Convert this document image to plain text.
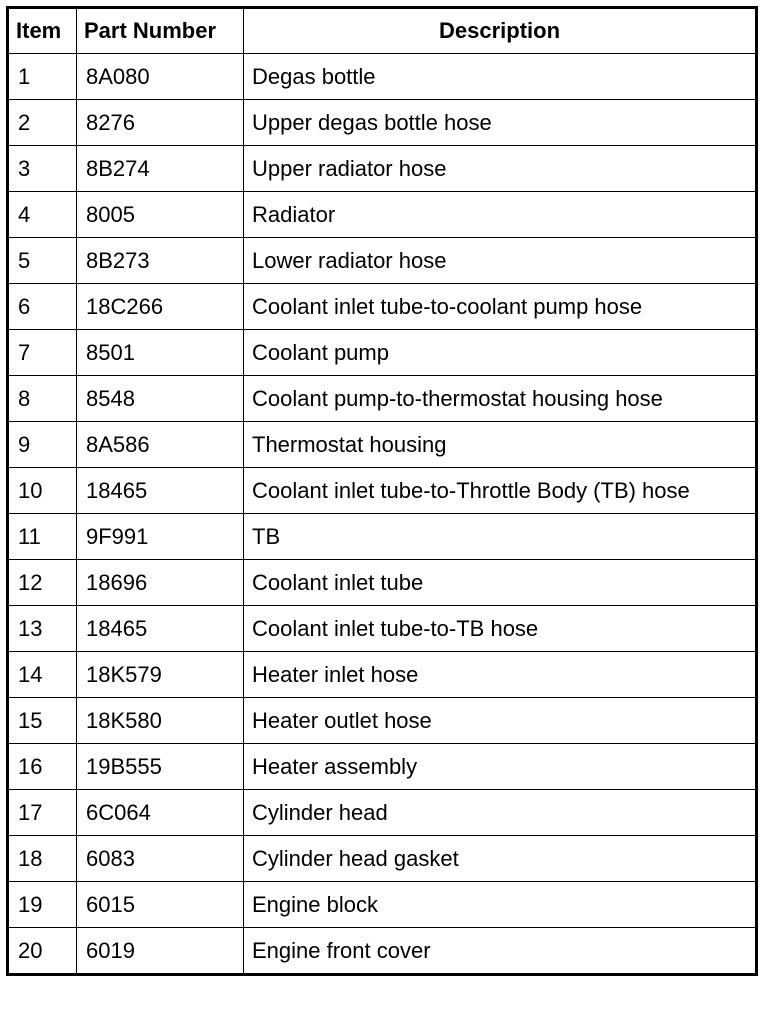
Item	Part Number	Description
1	8A080	Degas bottle
2	8276	Upper degas bottle hose
3	8B274	Upper radiator hose
4	8005	Radiator
5	8B273	Lower radiator hose
6	18C266	Coolant inlet tube-to-coolant pump hose
7	8501	Coolant pump
8	8548	Coolant pump-to-thermostat housing hose
9	8A586	Thermostat housing
10	18465	Coolant inlet tube-to-Throttle Body (TB) hose
11	9F991	TB
12	18696	Coolant inlet tube
13	18465	Coolant inlet tube-to-TB hose
14	18K579	Heater inlet hose
15	18K580	Heater outlet hose
16	19B555	Heater assembly
17	6C064	Cylinder head
18	6083	Cylinder head gasket
19	6015	Engine block
20	6019	Engine front cover
